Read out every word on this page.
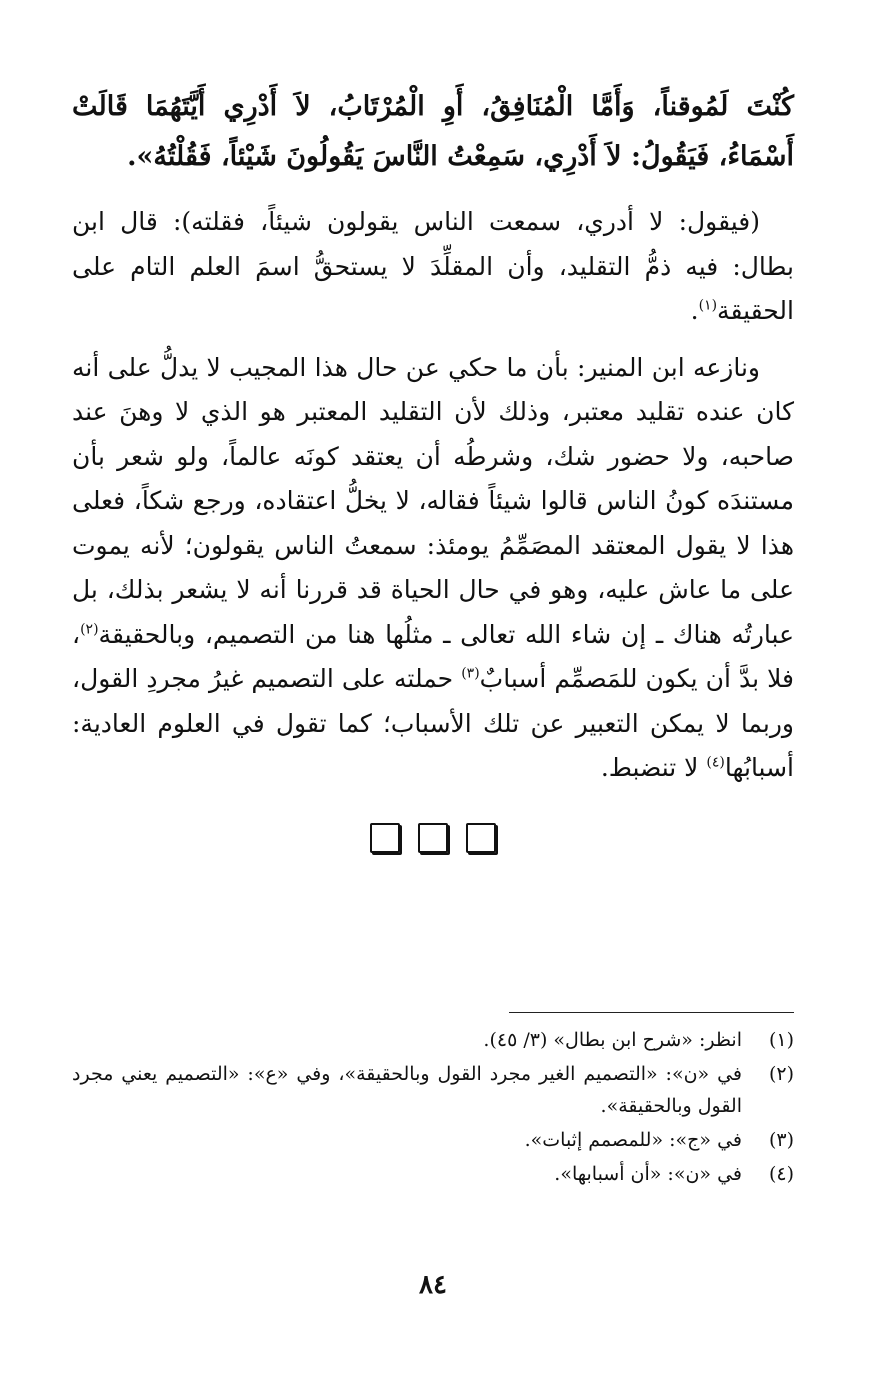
كُنْتَ لَمُوقناً، وَأَمَّا الْمُنَافِقُ، أَوِ الْمُرْتَابُ، لاَ أَدْرِي أَيَّتَهُمَا قَالَتْ أَسْمَاءُ، فَيَقُولُ: لاَ أَدْرِي، سَمِعْتُ النَّاسَ يَقُولُونَ شَيْئاً، فَقُلْتُهُ».

(فيقول: لا أدري، سمعت الناس يقولون شيئاً، فقلته): قال ابن بطال: فيه ذمُّ التقليد، وأن المقلِّدَ لا يستحقُّ اسمَ العلم التام على الحقيقة$^{(١)}$.

ونازعه ابن المنير: بأن ما حكي عن حال هذا المجيب لا يدلُّ على أنه كان عنده تقليد معتبر، وذلك لأن التقليد المعتبر هو الذي لا وهنَ عند صاحبه، ولا حضور شك، وشرطُه أن يعتقد كونَه عالماً، ولو شعر بأن مستندَه كونُ الناس قالوا شيئاً فقاله، لا يخلُّ اعتقاده، ورجع شكاً، فعلى هذا لا يقول المعتقد المصَمِّمُ يومئذ: سمعتُ الناس يقولون؛ لأنه يموت على ما عاش عليه، وهو في حال الحياة قد قررنا أنه لا يشعر بذلك، بل عبارتُه هناك ـ إن شاء الله تعالى ـ مثلُها هنا من التصميم، وبالحقيقة$^{(٢)}$، فلا بدَّ أن يكون للمَصمِّم أسبابٌ$^{(٣)}$ حملته على التصميم غيرُ مجردِ القول، وربما لا يمكن التعبير عن تلك الأسباب؛ كما تقول في العلوم العادية: أسبابُها$^{(٤)}$ لا تنضبط.

(١)
انظر: «شرح ابن بطال» (٣/ ٤٥).
(٢)
في «ن»: «التصميم الغير مجرد القول وبالحقيقة»، وفي «ع»: «التصميم يعني مجرد القول وبالحقيقة».
(٣)
في «ج»: «للمصمم إثبات».
(٤)
في «ن»: «أن أسبابها».
٨٤
